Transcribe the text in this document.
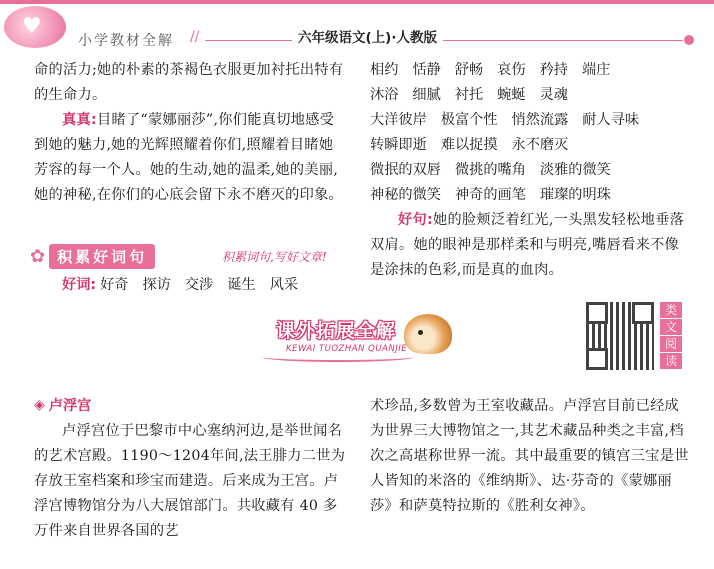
♥
小学教材全解 //	六年级语文(上)·人教版
命的活力;她的朴素的茶褐色衣服更加衬托出特有的生命力。
真真:目睹了“蒙娜丽莎”,你们能真切地感受到她的魅力,她的光辉照耀着你们,照耀着目睹她芳容的每一个人。她的生动,她的温柔,她的美丽,她的神秘,在你们的心底会留下永不磨灭的印象。
✿ 积累好词句	积累词句,写好文章!
好词: 好奇 探访 交涉 诞生 风采
相约 恬静 舒畅 哀伤 矜持 端庄
沐浴 细腻 衬托 蜿蜒 灵魂
大洋彼岸 极富个性 悄然流露 耐人寻味
转瞬即逝 难以捉摸 永不磨灭
微抿的双唇 微挑的嘴角 淡雅的微笑
神秘的微笑 神奇的画笔 璀璨的明珠
好句:她的脸颊泛着红光,一头黑发轻松地垂落双肩。她的眼神是那样柔和与明亮,嘴唇看来不像是涂抹的色彩,而是真的血肉。
课外拓展全解
KEWAI TUOZHAN QUANJIE
类
文
阅
读
◈ 卢浮宫
卢浮宫位于巴黎市中心塞纳河边,是举世闻名的艺术宫殿。1190～1204年间,法王腓力二世为存放王室档案和珍宝而建造。后来成为王宫。卢浮宫博物馆分为八大展馆部门。共收藏有 40 多万件来自世界各国的艺
术珍品,多数曾为王室收藏品。卢浮宫目前已经成为世界三大博物馆之一,其艺术藏品种类之丰富,档次之高堪称世界一流。其中最重要的镇宫三宝是世人皆知的米洛的《维纳斯》、达·芬奇的《蒙娜丽莎》和萨莫特拉斯的《胜利女神》。
